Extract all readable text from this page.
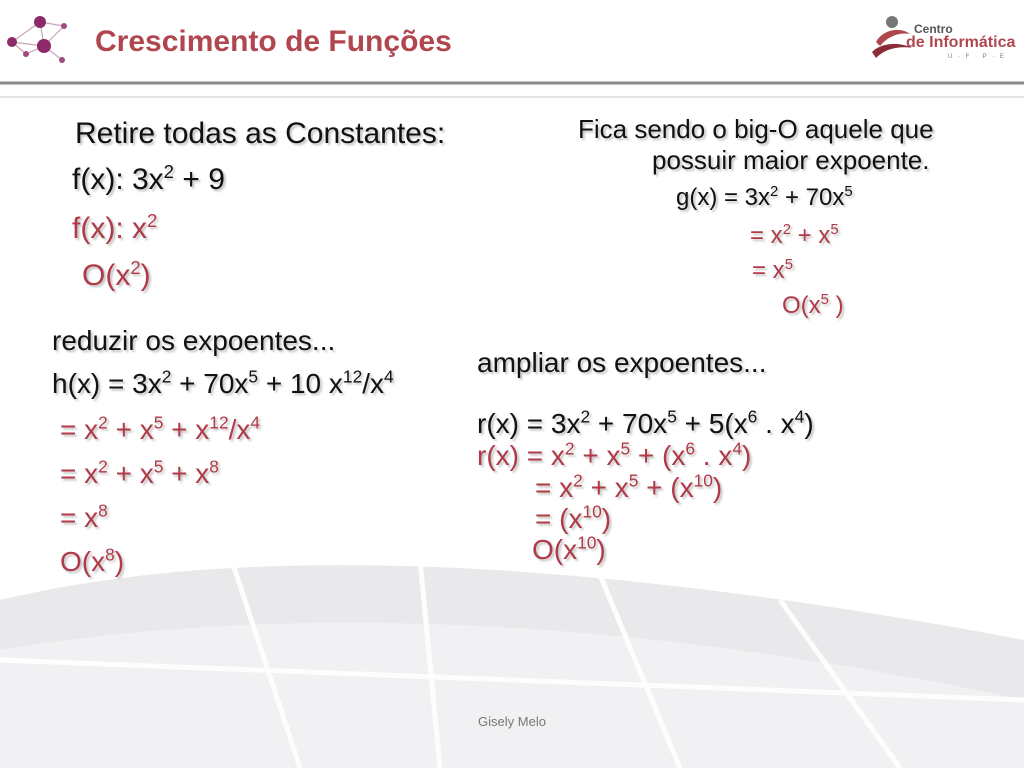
Crescimento de Funções	Centro
de Informática
U · F · P · E
Retire todas as Constantes:
f(x): $3x^2 + 9$
f(x): $x^2$
$O(x^2)$
Fica sendo o big-O aquele que
possuir maior expoente.
$g(x) = 3x^2 + 70x^5$
= $x^2 + x^5$
= $x^5$
$O(x^5$ )
reduzir os expoentes...
$h(x) = 3x^2 + 70x^5 + 10$ $x^{12}/x^4$
= $x^2 + x^5 + x^{12}/x^4$
= $x^2 + x^5 + x^8$
= $x^8$
$O(x^8)$
ampliar os expoentes...
$r(x) = 3x^2 + 70x^5 + 5(x^6$ . $x^4$)
$r(x) = x^2 + x^5 + (x^6$ . $x^4$)
= $x^2 + x^5 + (x^{10})$
= $(x^{10})$
$O(x^{10})$
Gisely Melo
